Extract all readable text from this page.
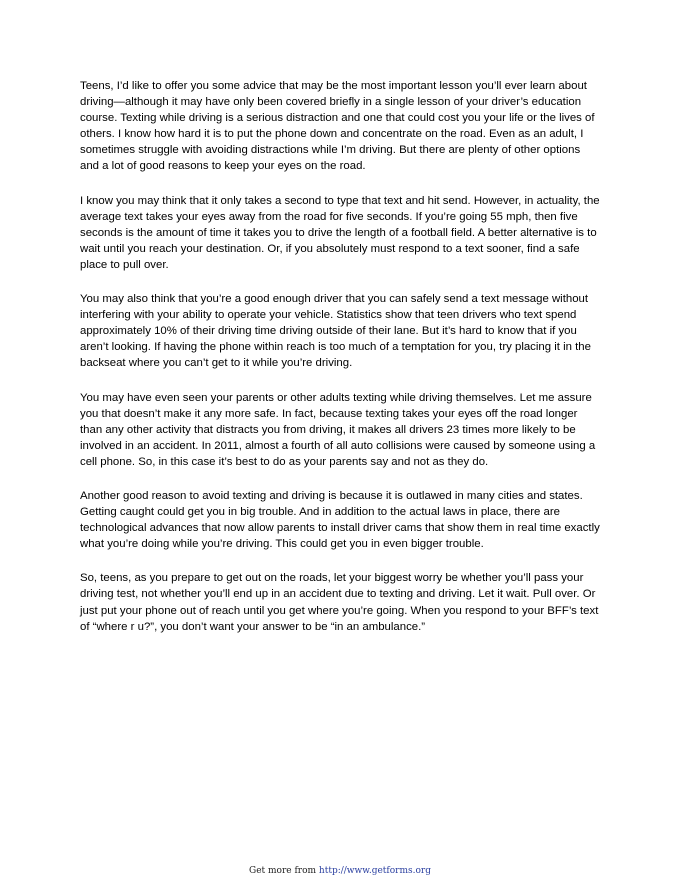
Teens, I’d like to offer you some advice that may be the most important lesson you’ll ever learn about driving—although it may have only been covered briefly in a single lesson of your driver’s education course. Texting while driving is a serious distraction and one that could cost you your life or the lives of others. I know how hard it is to put the phone down and concentrate on the road. Even as an adult, I sometimes struggle with avoiding distractions while I’m driving. But there are plenty of other options and a lot of good reasons to keep your eyes on the road.

I know you may think that it only takes a second to type that text and hit send. However, in actuality, the average text takes your eyes away from the road for five seconds. If you’re going 55 mph, then five seconds is the amount of time it takes you to drive the length of a football field. A better alternative is to wait until you reach your destination. Or, if you absolutely must respond to a text sooner, find a safe place to pull over.

You may also think that you’re a good enough driver that you can safely send a text message without interfering with your ability to operate your vehicle. Statistics show that teen drivers who text spend approximately 10% of their driving time driving outside of their lane. But it’s hard to know that if you aren’t looking. If having the phone within reach is too much of a temptation for you, try placing it in the backseat where you can’t get to it while you’re driving.

You may have even seen your parents or other adults texting while driving themselves. Let me assure you that doesn’t make it any more safe. In fact, because texting takes your eyes off the road longer than any other activity that distracts you from driving, it makes all drivers 23 times more likely to be involved in an accident. In 2011, almost a fourth of all auto collisions were caused by someone using a cell phone. So, in this case it’s best to do as your parents say and not as they do.

Another good reason to avoid texting and driving is because it is outlawed in many cities and states. Getting caught could get you in big trouble. And in addition to the actual laws in place, there are technological advances that now allow parents to install driver cams that show them in real time exactly what you’re doing while you’re driving. This could get you in even bigger trouble.

So, teens, as you prepare to get out on the roads, let your biggest worry be whether you’ll pass your driving test, not whether you’ll end up in an accident due to texting and driving. Let it wait. Pull over. Or just put your phone out of reach until you get where you’re going. When you respond to your BFF’s text of “where r u?”, you don’t want your answer to be “in an ambulance.”

Get more from http://www.getforms.org
